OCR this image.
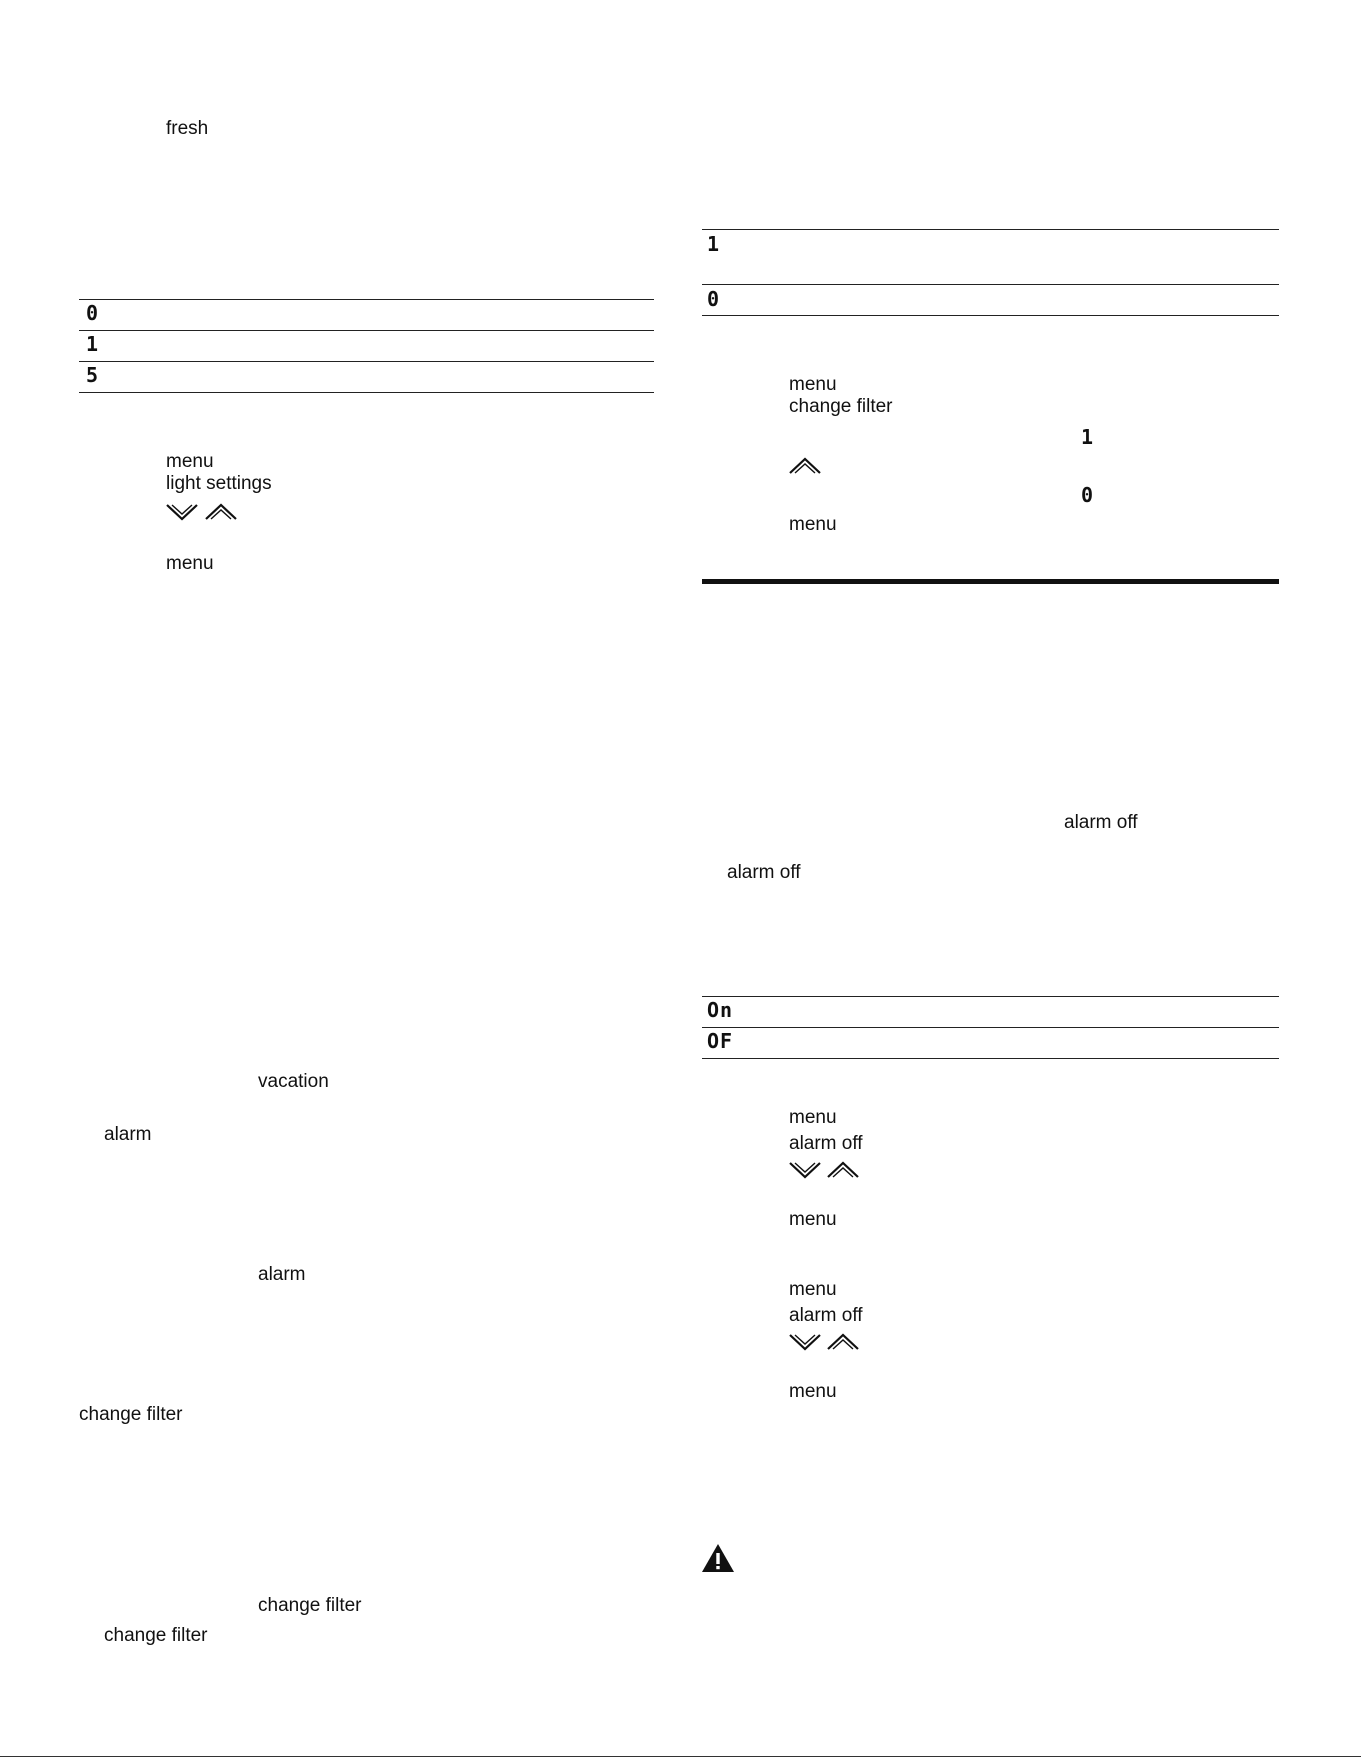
fresh
0
1
5
menu
light settings
menu
vacation
alarm
alarm
change filter
change filter
change filter
1
0
menu
change filter
1
0
menu
alarm off
alarm off
On
OF
menu
alarm off
menu
menu
alarm off
menu
